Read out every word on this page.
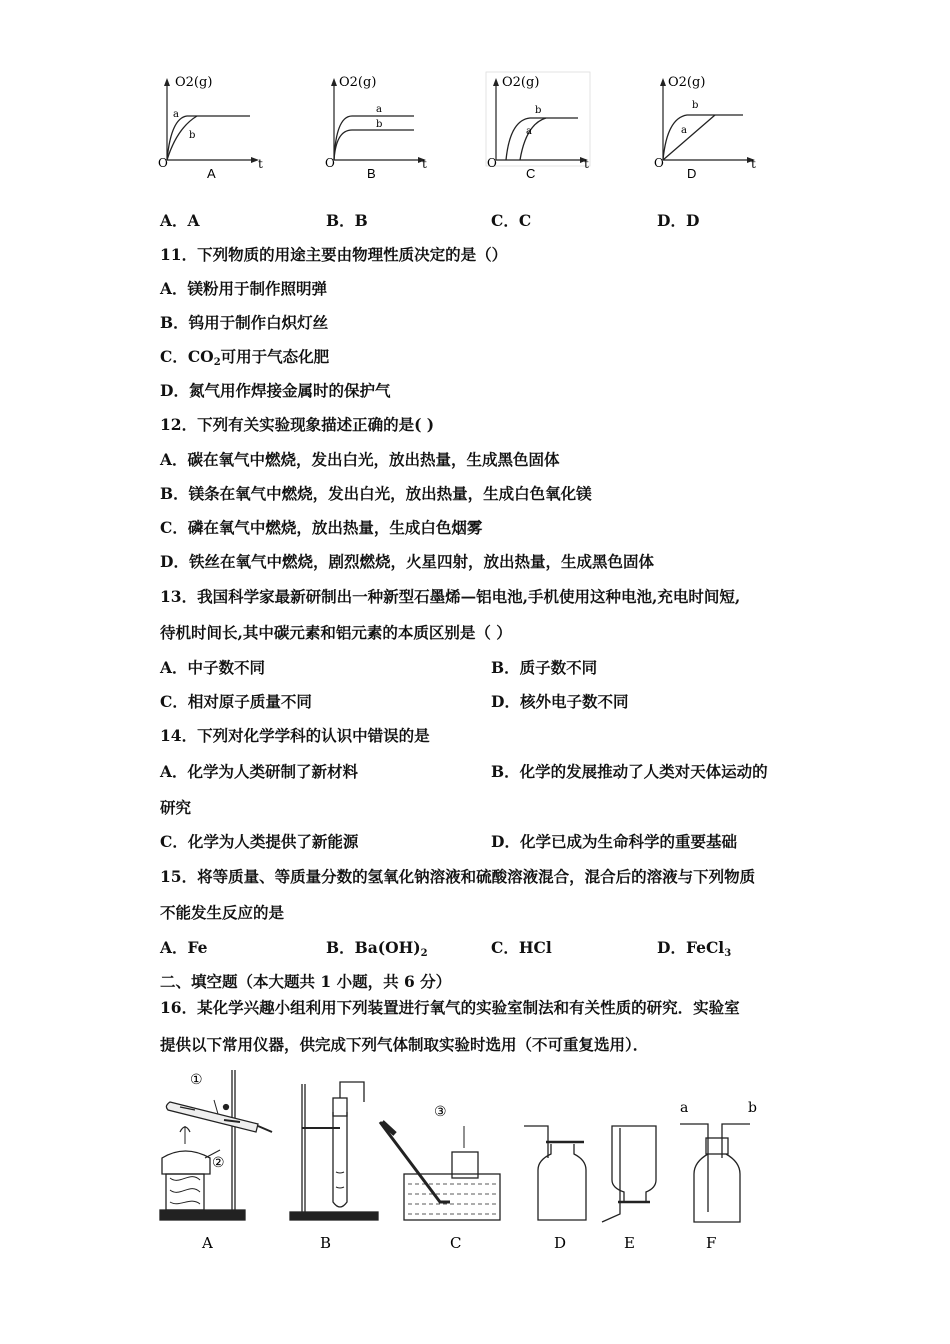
O2(g)
t
O
a
b
A
O2(g)
t
O
a
b
B
O2(g)
t
O
b
a
C
O2(g)
t
O
b
a
D
A．A	B．B	C．C	D．D
11．下列物质的用途主要由物理性质决定的是（）
A．镁粉用于制作照明弹
B．钨用于制作白炽灯丝
C．$CO_2$可用于气态化肥
D．氮气用作焊接金属时的保护气
12．下列有关实验现象描述正确的是( )
A．碳在氧气中燃烧，发出白光，放出热量，生成黑色固体
B．镁条在氧气中燃烧，发出白光，放出热量，生成白色氧化镁
C．磷在氧气中燃烧，放出热量，生成白色烟雾
D．铁丝在氧气中燃烧，剧烈燃烧，火星四射，放出热量，生成黑色固体
13．我国科学家最新研制出一种新型石墨烯—铝电池,手机使用这种电池,充电时间短,
待机时间长,其中碳元素和铝元素的本质区别是（ ）
A．中子数不同	B．质子数不同
C．相对原子质量不同	D．核外电子数不同
14．下列对化学学科的认识中错误的是
A．化学为人类研制了新材料	B．化学的发展推动了人类对天体运动的
研究
C．化学为人类提供了新能源	D．化学已成为生命科学的重要基础
15．将等质量、等质量分数的氢氧化钠溶液和硫酸溶液混合，混合后的溶液与下列物质
不能发生反应的是
A．Fe	B．$Ba(OH)_2$	C．HCl	D．FeCl$_3$
二、填空题（本大题共 1 小题，共 6 分）
16．某化学兴趣小组利用下列装置进行氧气的实验室制法和有关性质的研究．实验室
提供以下常用仪器，供完成下列气体制取实验时选用（不可重复选用）．
①
②
A	B
③
C	D	E
a	b
F
